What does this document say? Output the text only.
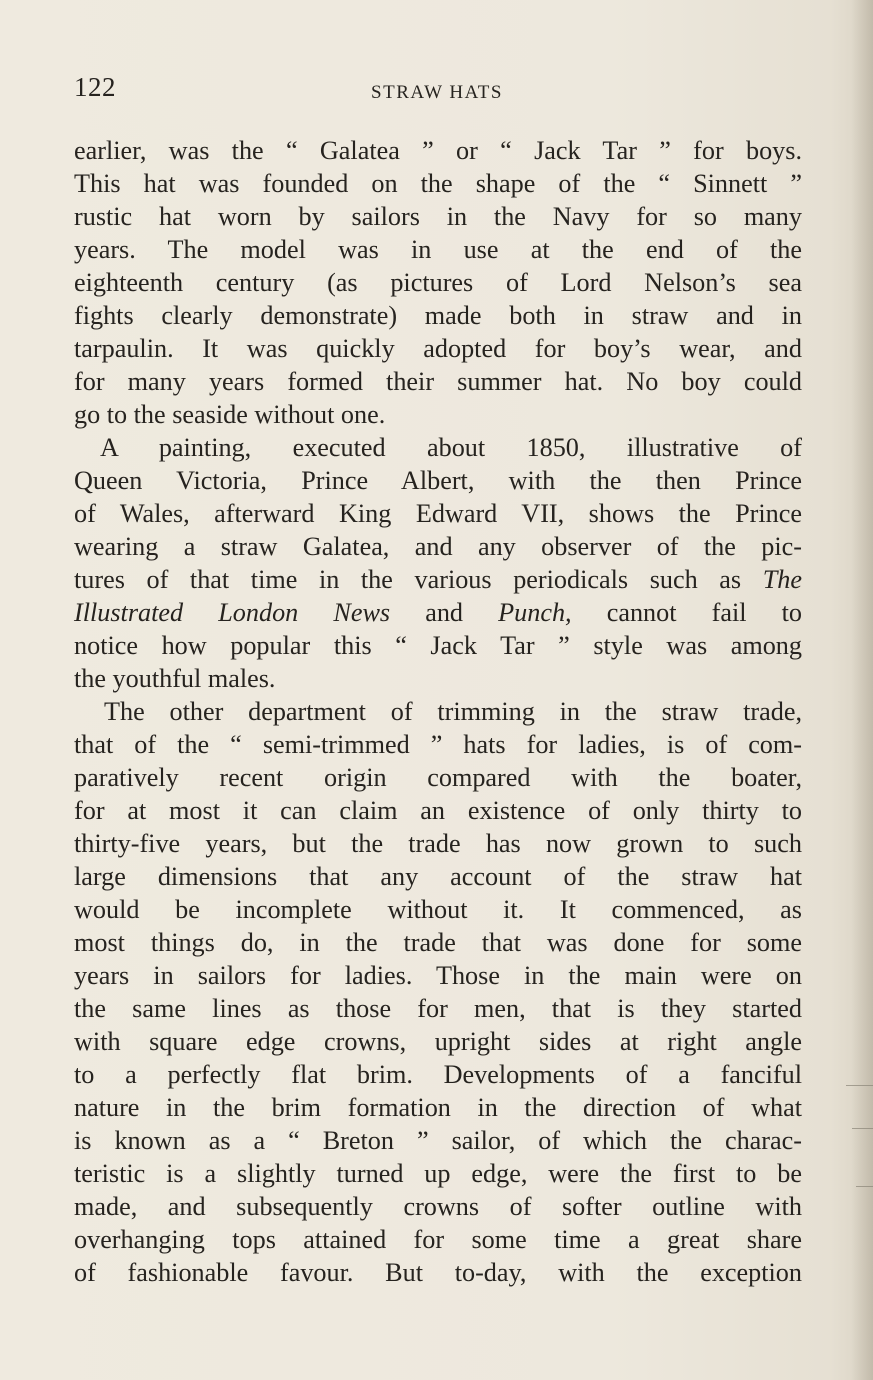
122	STRAW HATS
earlier, was the “ Galatea ” or “ Jack Tar ” for boys.
This hat was founded on the shape of the “ Sinnett ”
rustic hat worn by sailors in the Navy for so many
years. The model was in use at the end of the
eighteenth century (as pictures of Lord Nelson’s sea
fights clearly demonstrate) made both in straw and in
tarpaulin. It was quickly adopted for boy’s wear, and
for many years formed their summer hat. No boy could
go to the seaside without one.
A painting, executed about 1850, illustrative of
Queen Victoria, Prince Albert, with the then Prince
of Wales, afterward King Edward VII, shows the Prince
wearing a straw Galatea, and any observer of the pic-
tures of that time in the various periodicals such as The
Illustrated London News and Punch, cannot fail to
notice how popular this “ Jack Tar ” style was among
the youthful males.
The other department of trimming in the straw trade,
that of the “ semi-trimmed ” hats for ladies, is of com-
paratively recent origin compared with the boater,
for at most it can claim an existence of only thirty to
thirty-five years, but the trade has now grown to such
large dimensions that any account of the straw hat
would be incomplete without it. It commenced, as
most things do, in the trade that was done for some
years in sailors for ladies. Those in the main were on
the same lines as those for men, that is they started
with square edge crowns, upright sides at right angle
to a perfectly flat brim. Developments of a fanciful
nature in the brim formation in the direction of what
is known as a “ Breton ” sailor, of which the charac-
teristic is a slightly turned up edge, were the first to be
made, and subsequently crowns of softer outline with
overhanging tops attained for some time a great share
of fashionable favour. But to-day, with the exception
